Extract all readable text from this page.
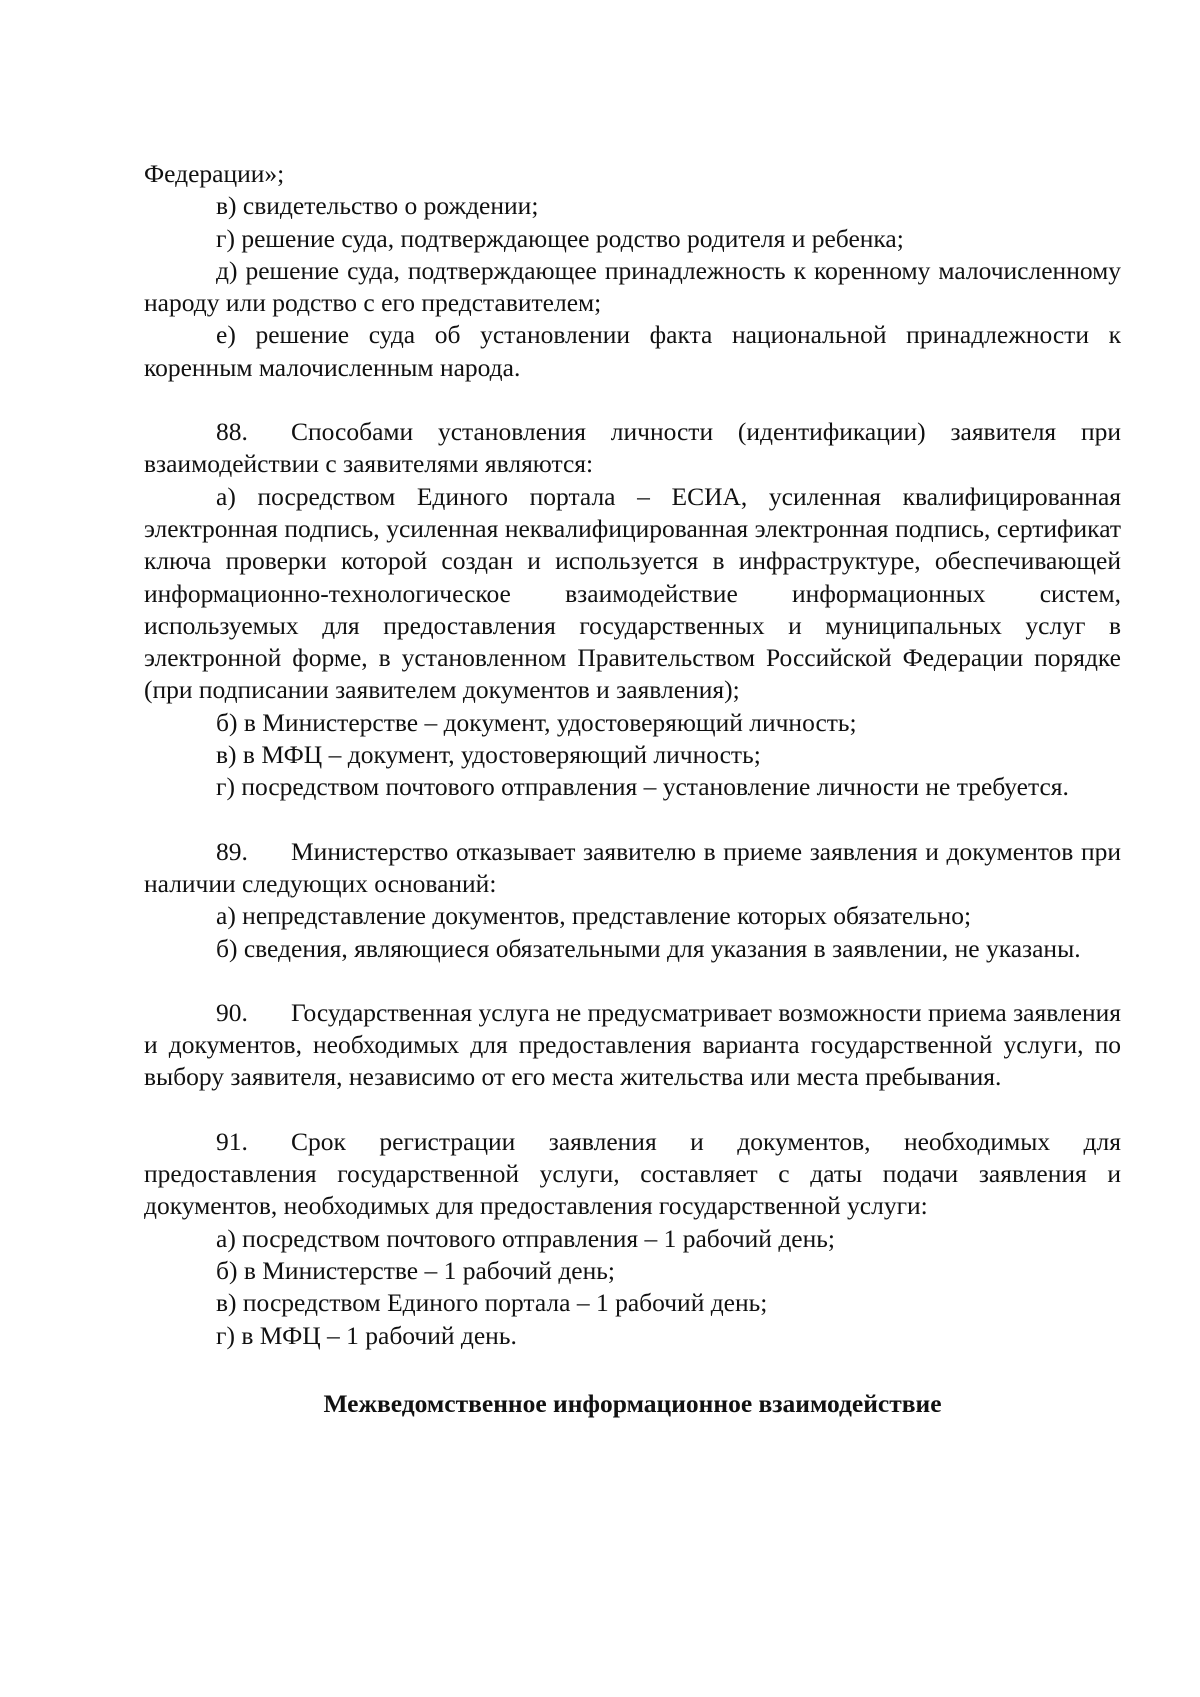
Федерации»;

в) свидетельство о рождении;

г) решение суда, подтверждающее родство родителя и ребенка;

д) решение суда, подтверждающее принадлежность к коренному малочисленному народу или родство с его представителем;

е) решение суда об установлении факта национальной принадлежности к коренным малочисленным народа.

88. Способами установления личности (идентификации) заявителя при взаимодействии с заявителями являются:

а) посредством Единого портала – ЕСИА, усиленная квалифицированная электронная подпись, усиленная неквалифицированная электронная подпись, сертификат ключа проверки которой создан и используется в инфраструктуре, обеспечивающей информационно-технологическое взаимодействие информационных систем, используемых для предоставления государственных и муниципальных услуг в электронной форме, в установленном Правительством Российской Федерации порядке (при подписании заявителем документов и заявления);

б) в Министерстве – документ, удостоверяющий личность;

в) в МФЦ – документ, удостоверяющий личность;

г) посредством почтового отправления – установление личности не требуется.

89. Министерство отказывает заявителю в приеме заявления и документов при наличии следующих оснований:

а) непредставление документов, представление которых обязательно;

б) сведения, являющиеся обязательными для указания в заявлении, не указаны.

90. Государственная услуга не предусматривает возможности приема заявления и документов, необходимых для предоставления варианта государственной услуги, по выбору заявителя, независимо от его места жительства или места пребывания.

91. Срок регистрации заявления и документов, необходимых для предоставления государственной услуги, составляет с даты подачи заявления и документов, необходимых для предоставления государственной услуги:

а) посредством почтового отправления – 1 рабочий день;

б) в Министерстве – 1 рабочий день;

в) посредством Единого портала – 1 рабочий день;

г) в МФЦ – 1 рабочий день.

Межведомственное информационное взаимодействие
